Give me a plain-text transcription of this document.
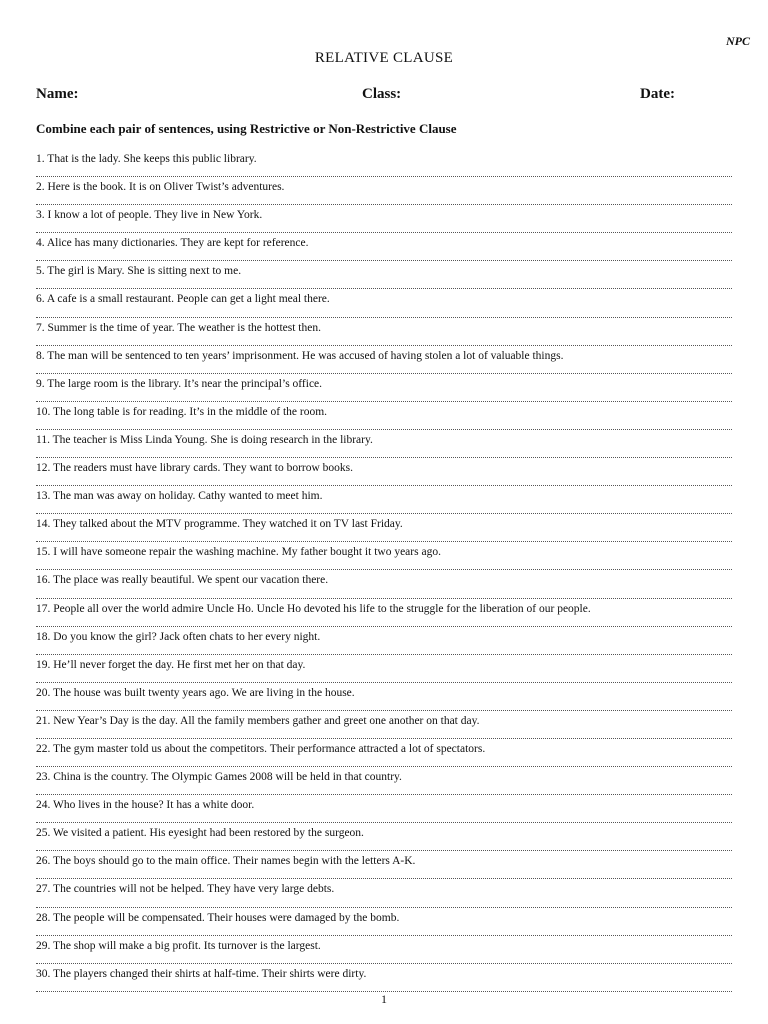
NPC
RELATIVE CLAUSE
Name:	Class:	Date:
Combine each pair of sentences, using Restrictive or Non-Restrictive Clause
1. That is the lady. She keeps this public library.
2. Here is the book. It is on Oliver Twist’s adventures.
3. I know a lot of people. They live in New York.
4. Alice has many dictionaries. They are kept for reference.
5. The girl is Mary. She is sitting next to me.
6. A cafe is a small restaurant. People can get a light meal there.
7. Summer is the time of year. The weather is the hottest then.
8. The man will be sentenced to ten years’ imprisonment. He was accused of having stolen a lot of valuable things.
9. The large room is the library. It’s near the principal’s office.
10. The long table is for reading. It’s in the middle of the room.
11. The teacher is Miss Linda Young. She is doing research in the library.
12. The readers must have library cards. They want to borrow books.
13. The man was away on holiday. Cathy wanted to meet him.
14. They talked about the MTV programme. They watched it on TV last Friday.
15. I will have someone repair the washing machine. My father bought it two years ago.
16. The place was really beautiful. We spent our vacation there.
17. People all over the world admire Uncle Ho. Uncle Ho devoted his life to the struggle for the liberation of our people.
18. Do you know the girl? Jack often chats to her every night.
19. He’ll never forget the day. He first met her on that day.
20. The house was built twenty years ago. We are living in the house.
21. New Year’s Day is the day. All the family members gather and greet one another on that day.
22. The gym master told us about the competitors. Their performance attracted a lot of spectators.
23. China is the country. The Olympic Games 2008 will be held in that country.
24. Who lives in the house? It has a white door.
25. We visited a patient. His eyesight had been restored by the surgeon.
26. The boys should go to the main office. Their names begin with the letters A-K.
27. The countries will not be helped. They have very large debts.
28. The people will be compensated. Their houses were damaged by the bomb.
29. The shop will make a big profit. Its turnover is the largest.
30. The players changed their shirts at half-time. Their shirts were dirty.
1
